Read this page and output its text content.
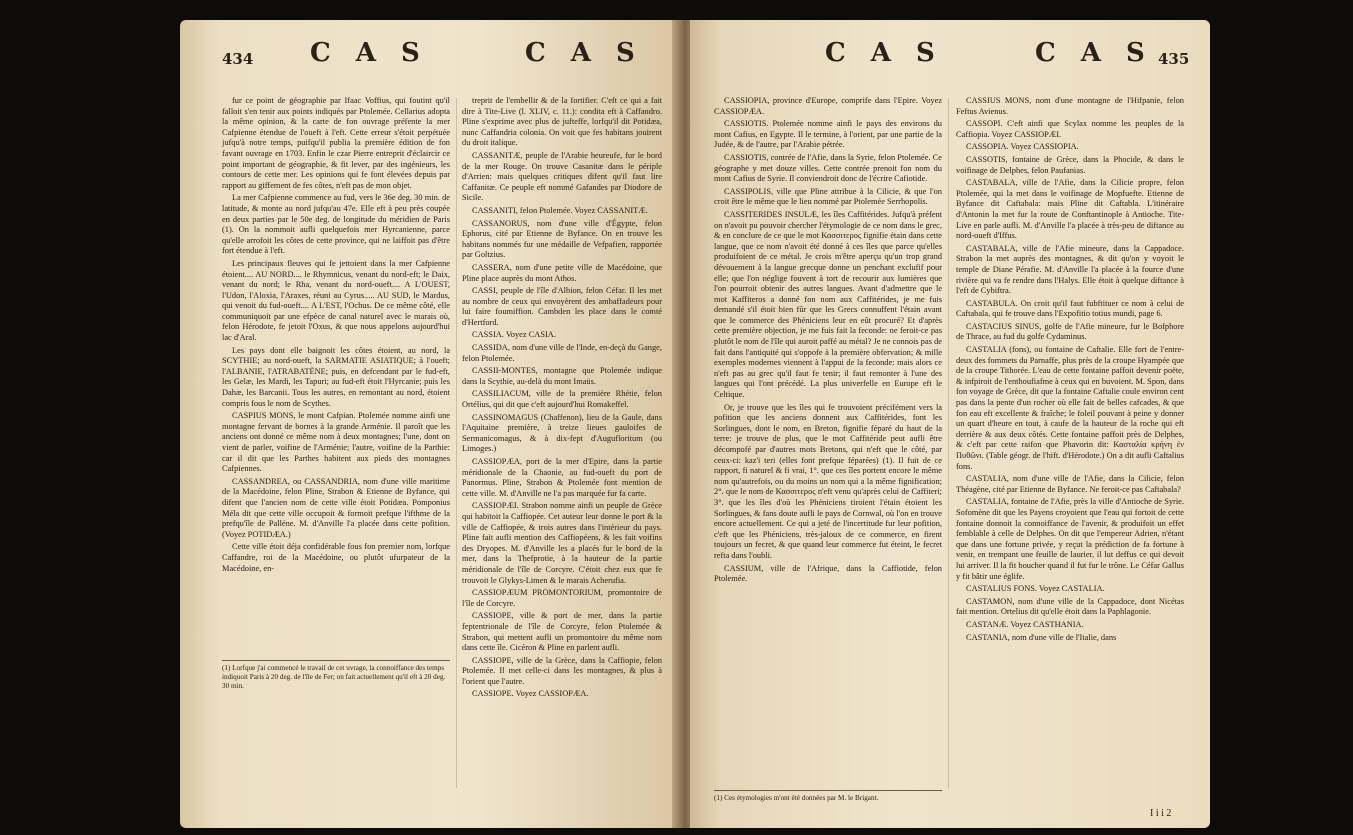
434 C A S	C A S

fur ce point de géographie par Ifaac Voffius, qui foutint qu'il falloit s'en tenir aux points indiqués par Ptolemée. Cellarius adopta la même opinion, & la carte de fon ouvrage préfente la mer Cafpienne étendue de l'oueft à l'eft. Cette erreur s'étoit perpétuée jufqu'à notre temps, puifqu'il publia la première édition de fon favant ouvrage en 1703. Enfin le czar Pierre entreprit d'éclaircir ce point important de géographie, & fit lever, par des ingénieurs, les contours de cette mer. Les opinions qui fe font élevées depuis par rapport au giffement de fes côtes, n'eft pas de mon objet.

La mer Cafpienne commence au fud, vers le 36e deg. 30 min. de latitude, & monte au nord jufqu'au 47e. Elle eft à peu près coupée en deux parties par le 50e deg. de longitude du méridien de Paris (1). On la nommoit aufli quelquefois mer Hyrcanienne, parce qu'elle arrofoit les côtes de cette province, qui ne laiffoit pas d'être fort étendue à l'eft.

Les principaux fleuves qui fe jettoient dans la mer Cafpienne étoient.... AU NORD.... le Rhymnicus, venant du nord-eft; le Daix, venant du nord; le Rha, venant du nord-oueft.... A L'OUEST, l'Udon, l'Aloxia, l'Araxes, réuni au Cyrus..... AU SUD, le Mardus, qui venoit du fud-oueft.... A L'EST, l'Ochus. De ce même côté, elle communiquoit par une efpèce de canal naturel avec le marais où, felon Hérodote, fe jetoit l'Oxus, & que nous appelons aujourd'hui lac d'Aral.

Les pays dont elle baignoit les côtes étoient, au nord, la SCYTHIE; au nord-oueft, la SARMATIE ASIATIQUE; à l'oueft; l'ALBANIE, l'ATRABATÈNE; puis, en defcendant par le fud-eft, les Gelæ, les Mardi, les Tapuri; au fud-eft étoit l'Hyrcanie; puis les Dahæ, les Barcanii. Tous les autres, en remontant au nord, étoient compris fous le nom de Scythes.

CASPIUS MONS, le mont Cafpian. Ptolemée nomme ainfi une montagne fervant de bornes à la grande Arménie. Il paroît que les anciens ont donné ce même nom à deux montagnes; l'une, dont on vient de parler, voifine de l'Arménie; l'autre, voifine de la Parthie: car il dit que les Parthes habitent aux pieds des montagnes Cafpiennes.

CASSANDREA, ou CASSANDRIA, nom d'une ville maritime de la Macédoine, felon Pline, Strabon & Etienne de Byfance, qui difent que l'ancien nom de cette ville étoit Potidæa. Pomponius Méla dit que cette ville occupoit & formoit prefque l'ifthme de la prefqu'île de Palléne. M. d'Anville l'a placée dans cette pofition. (Voyez POTIDÆA.)

Cette ville étoit déja confidérable fous fon premier nom, lorfque Caffandre, roi de la Macédoine, ou plutôt ufurpateur de la Macédoine, en-

treprit de l'embellir & de la fortifier. C'eft ce qui a fait dire à Tite-Live (l. XLIV, c. 11.): condita eft à Caffandro. Pline s'exprime avec plus de jufteffe, lorfqu'il dit Potidæa, nunc Caffandria colonia. On voit que fes habitans jouirent du droit italique.

CASSANITÆ, peuple de l'Arabie heureufe, fur le bord de la mer Rouge. On trouve Casanitæ dans le périple d'Arrien: mais quelques critiques difent qu'il faut lire Caffanitæ. Ce peuple eft nommé Gafandes par Diodore de Sicile.

CASSANITI, felon Ptolemée. Voyez CASSANITÆ.

CASSANORUS, nom d'une ville d'Égypte, felon Ephorus, cité par Etienne de Byfance. On en trouve les habitans nommés fur une médaille de Vefpafien, rapportée par Goltzius.

CASSERA, nom d'une petite ville de Macédoine, que Pline place auprès du mont Athos.

CASSI, peuple de l'île d'Albion, felon Céfar. Il les met au nombre de ceux qui envoyèrent des ambaffadeurs pour lui faire foumiffion. Cambden les place dans le comté d'Hertford.

CASSIA. Voyez CASIA.

CASSIDA, nom d'une ville de l'Inde, en-deçà du Gange, felon Ptolemée.

CASSII-MONTES, montagne que Ptolemée indique dans la Scythie, au-delà du mont Imaüs.

CASSILIACUM, ville de la première Rhétie, felon Ortélius, qui dit que c'eft aujourd'hui Romakeffel.

CASSINOMAGUS (Chaffenon), lieu de la Gaule, dans l'Aquitaine première, à treize lieues gauloifes de Sermanicomagus, & à dix-fept d'Augufloritum (ou Limoges.)

CASSIOPÆA, port de la mer d'Epire, dans la partie méridionale de la Chaonie, au fud-oueft du port de Panormus. Pline, Strabon & Ptolemée font mention de cette ville. M. d'Anville ne l'a pas marquée fur fa carte.

CASSIOPÆI. Strabon nomme ainfi un peuple de Grèce qui habitoit la Caffiopée. Cet auteur leur donne le port & la ville de Caffiopée, & trois autres dans l'intérieur du pays. Pline fait aufli mention des Caffiopéens, & les fait voifins des Dryopes. M. d'Anville les a placés fur le bord de la mer, dans la Thefprotie, à la hauteur de la partie méridionale de l'île de Corcyre. C'étoit chez eux que fe trouvoit le Glykys-Limen & le marais Acherufia.

CASSIOPÆUM PROMONTORIUM, promontoire de l'île de Corcyre.

CASSIOPE, ville & port de mer, dans la partie feptentrionale de l'île de Corcyre, felon Ptolemée & Strabon, qui mettent aufli un promontoire du même nom dans cette île. Cicéron & Pline en parlent aufli.

CASSIOPE, ville de la Grèce, dans la Caffiopie, felon Ptolemée. Il met celle-ci dans les montagnes, & plus à l'orient que l'autre.

CASSIOPE. Voyez CASSIOPÆA.

(1) Lorfque j'ai commencé le travail de cet uvrage, la connoiffance des temps indiquoit Paris à 20 deg. de l'île de Fer; on fait actuellement qu'il eft à 20 deg. 30 min.
C A S	C A S 435

CASSIOPIA, province d'Europe, comprife dans l'Epire. Voyez CASSIOPÆA.

CASSIOTIS. Ptolemée nomme ainfi le pays des environs du mont Cafius, en Egypte. Il le termine, à l'orient, par une partie de la Judée, & de l'autre, par l'Arabie pétrée.

CASSIOTIS, contrée de l'Afie, dans la Syrie, felon Ptolemée. Ce géographe y met douze villes. Cette contrée prenoit fon nom du mont Cafius de Syrie. Il conviendroit donc de l'écrire Cafiotide.

CASSIPOLIS, ville que Pline attribue à la Cilicie, & que l'on croit être le même que le lieu nommé par Ptolemée Serrhopolis.

CASSITERIDES INSULÆ, les îles Caffitérides. Jufqu'à préfent on n'avoit pu pouvoir chercher l'étymologie de ce nom dans le grec, & en conclure de ce que le mot Κασσιτερος fignifie étain dans cette langue, que ce nom n'avoit été donné à ces îles que parce qu'elles produifoient de ce métal. Je crois m'être aperçu qu'un trop grand dévouement à la langue grecque donne un penchant exclufif pour elle; que l'on néglige fouvent à tort de recourir aux lumières que l'on pourroit obtenir des autres langues. Avant d'admettre que le mot Kaffiteros a donné fon nom aux Caffitérides, je me fuis demandé s'il étoit bien fûr que les Grecs connuffent l'étain avant que le commerce des Phéniciens leur en eût procuré? Et d'après cette première objection, je me fuis fait la feconde: ne feroit-ce pas plutôt le nom de l'île qui auroit paffé au métal? Je ne connois pas de fait dans l'antiquité qui s'oppofe à la première obfervation; & mille exemples modernes viennent à l'appui de la feconde: mais alors ce n'eft pas au grec qu'il faut fe tenir; il faut remonter à l'une des langues qui l'ont précédé. La plus univerfelle en Europe eft le Celtique.

Or, je trouve que les îles qui fe trouvoient précifément vers la pofition que les anciens donnent aux Caffitérides, font les Sorlingues, dont le nom, en Breton, fignifie féparé du haut de la terre: je trouve de plus, que le mot Caffitéride peut aufli être décompofé par d'autres mots Bretons, qui n'eft que le côté, par ceux-ci: kaz'i teri (elles font prefque féparées) (1). Il fuit de ce rapport, fi naturel & fi vrai, 1°. que ces îles portent encore le même nom qu'autrefois, ou du moins un nom qui a la même fignification; 2°. que le nom de Κασσιτερος n'eft venu qu'après celui de Caffiteri; 3°. que les îles d'où les Phéniciens tiroient l'étain étoient les Sorlingues, & fans doute aufli le pays de Cornwal, où l'on en trouve encore actuellement. Ce qui a jeté de l'incertitude fur leur pofition, c'eft que les Phéniciens, très-jaloux de ce commerce, en firent toujours un fecret, & que quand leur commerce fut éteint, le fecret refta dans l'oubli.

CASSIUM, ville de l'Afrique, dans la Caffiotide, felon Ptolemée.

CASSIUS MONS, nom d'une montagne de l'Hifpanie, felon Feftus Avienus.

CASSOPI. C'eft ainfi que Scylax nomme les peuples de la Caffiopia. Voyez CASSIOPÆI.

CASSOPIA. Voyez CASSIOPIA.

CASSOTIS, fontaine de Grèce, dans la Phocide, & dans le voifinage de Delphes, felon Paufanias.

CASTABALA, ville de l'Afie, dans la Cilicie propre, felon Ptolemée, qui la met dans le voifinage de Mopfuefte. Etienne de Byfance dit Caftabala: mais Pline dit Caftabla. L'itinéraire d'Antonin la met fur la route de Conftantinople à Antioche. Tite-Live en parle aufli. M. d'Anville l'a placée à très-peu de diftance au nord-oueft d'Iffus.

CASTABALA, ville de l'Afie mineure, dans la Cappadoce. Strabon la met auprès des montagnes, & dit qu'on y voyoit le temple de Diane Pérafie. M. d'Anville l'a placée à la fource d'une rivière qui va fe rendre dans l'Halys. Elle étoit à quelque diftance à l'eft de Cybiftra.

CASTABULA. On croit qu'il faut fubftituer ce nom à celui de Caftabala, qui fe trouve dans l'Expofitio totius mundi, page 6.

CASTACIUS SINUS, golfe de l'Afie mineure, fur le Bofphore de Thrace, au fud du golfe Cydaminus.

CASTALIA (fons), ou fontaine de Caftalie. Elle fort de l'entre-deux des fommets du Parnaffe, plus près de la croupe Hyampée que de la croupe Tithorée. L'eau de cette fontaine paffoit devenir poëte, & infpiroit de l'enthoufiafme à ceux qui en buvoient. M. Spon, dans fon voyage de Grèce, dit que la fontaine Caftalie coule environ cent pas dans la pente d'un rocher où elle fait de belles cafcades, & que fon eau eft excellente & fraîche; le foleil pouvant à peine y donner un quart d'heure en tout, à caufe de la hauteur de la roche qui eft derrière & aux deux côtés. Cette fontaine paffoit près de Delphes, & c'eft par cette raifon que Phavorin dit: Κασταλία κρήνη ἐν Πυθῶνι. (Table géogr. de l'hift. d'Hérodote.) On a dit aufli Caftalius fons.

CASTALIA, nom d'une ville de l'Afie, dans la Cilicie, felon Théagène, cité par Etienne de Byfance. Ne feroit-ce pas Caftabala?

CASTALIA, fontaine de l'Afie, près la ville d'Antioche de Syrie. Sofomène dit que les Payens croyoient que l'eau qui fortoit de cette fontaine donnoit la connoiffance de l'avenir, & produifoit un effet femblable à celle de Delphes. On dit que l'empereur Adrien, n'étant que dans une fortune privée, y reçut la prédiction de fa fortune à venir, en trempant une feuille de laurier, il lut deffus ce qui devoit lui arriver. Il la fit boucher quand il fut fur le trône. Le Céfar Gallus y fit bâtir une églife.

CASTALIUS FONS. Voyez CASTALIA.

CASTAMON, nom d'une ville de la Cappadoce, dont Nicétas fait mention. Ortelius dit qu'elle étoit dans la Paphlagonie.

CASTANÆ. Voyez CASTHANIA.

CASTANIA, nom d'une ville de l'Italie, dans

(1) Ces étymologies m'ont été données par M. le Brigant.
I i i 2
